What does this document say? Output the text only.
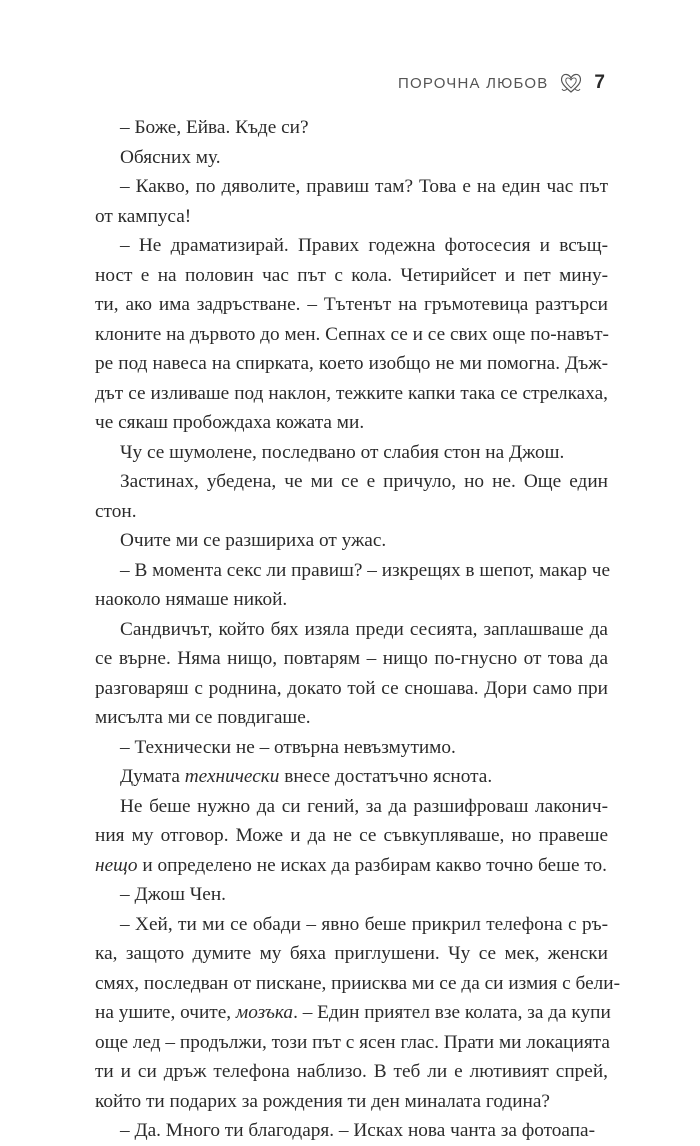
ПОРОЧНА ЛЮБОВ 7
– Боже, Ейва. Къде си?
Обясних му.
– Какво, по дяволите, правиш там? Това е на един час път
от кампуса!
– Не драматизирай. Правих годежна фотосесия и всъщ-
ност е на половин час път с кола. Четирийсет и пет мину-
ти, ако има задръстване. – Тътенът на гръмотевица разтърси
клоните на дървото до мен. Сепнах се и се свих още по-навът-
ре под навеса на спирката, което изобщо не ми помогна. Дъж-
дът се изливаше под наклон, тежките капки така се стрелкаха,
че сякаш пробождаха кожата ми.
Чу се шумолене, последвано от слабия стон на Джош.
Застинах, убедена, че ми се е причуло, но не. Още един
стон.
Очите ми се разшириха от ужас.
– В момента секс ли правиш? – изкрещях в шепот, макар че
наоколо нямаше никой.
Сандвичът, който бях изяла преди сесията, заплашваше да
се върне. Няма нищо, повтарям – нищо по-гнусно от това да
разговаряш с роднина, докато той се сношава. Дори само при
мисълта ми се повдигаше.
– Технически не – отвърна невъзмутимо.
Думата технически внесе достатъчно яснота.
Не беше нужно да си гений, за да разшифроваш лаконич-
ния му отговор. Може и да не се съвкупляваше, но правеше
нещо и определено не исках да разбирам какво точно беше то.
– Джош Чен.
– Хей, ти ми се обади – явно беше прикрил телефона с ръ-
ка, защото думите му бяха приглушени. Чу се мек, женски
смях, последван от пискане, приисква ми се да си измия с бели-
на ушите, очите, мозъка. – Един приятел взе колата, за да купи
още лед – продължи, този път с ясен глас. Прати ми локацията
ти и си дръж телефона наблизо. В теб ли е лютивият спрей,
който ти подарих за рождения ти ден миналата година?
– Да. Много ти благодаря. – Исках нова чанта за фотоапа-
